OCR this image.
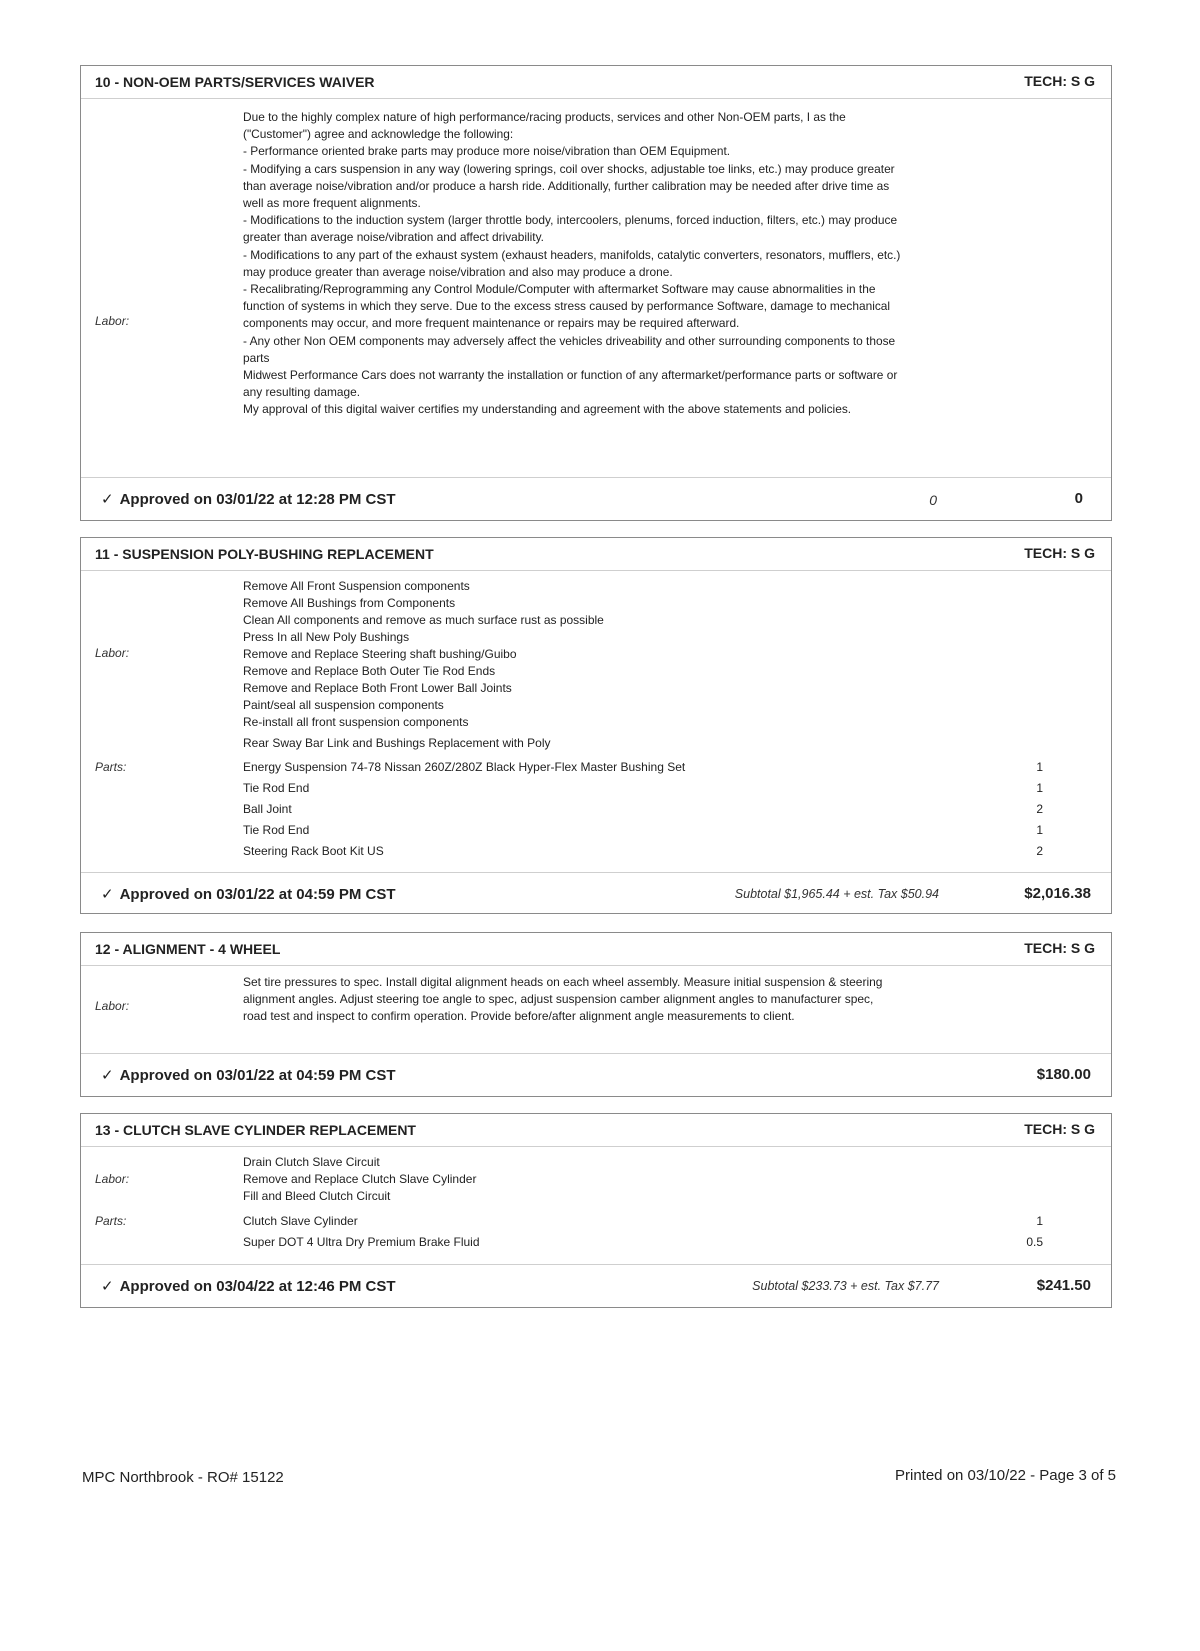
10 - NON-OEM PARTS/SERVICES WAIVER	TECH: S G
Labor:
Due to the highly complex nature of high performance/racing products, services and other Non-OEM parts, I as the ("Customer") agree and acknowledge the following:
- Performance oriented brake parts may produce more noise/vibration than OEM Equipment.
- Modifying a cars suspension in any way (lowering springs, coil over shocks, adjustable toe links, etc.) may produce greater than average noise/vibration and/or produce a harsh ride. Additionally, further calibration may be needed after drive time as well as more frequent alignments.
- Modifications to the induction system (larger throttle body, intercoolers, plenums, forced induction, filters, etc.) may produce greater than average noise/vibration and affect drivability.
- Modifications to any part of the exhaust system (exhaust headers, manifolds, catalytic converters, resonators, mufflers, etc.) may produce greater than average noise/vibration and also may produce a drone.
- Recalibrating/Reprogramming any Control Module/Computer with aftermarket Software may cause abnormalities in the function of systems in which they serve. Due to the excess stress caused by performance Software, damage to mechanical components may occur, and more frequent maintenance or repairs may be required afterward.
- Any other Non OEM components may adversely affect the vehicles driveability and other surrounding components to those parts
Midwest Performance Cars does not warranty the installation or function of any aftermarket/performance parts or software or any resulting damage.
My approval of this digital waiver certifies my understanding and agreement with the above statements and policies.
✓ Approved on 03/01/22 at 12:28 PM CST	0	0
11 - SUSPENSION POLY-BUSHING REPLACEMENT	TECH: S G
Labor:
Remove All Front Suspension components
Remove All Bushings from Components
Clean All components and remove as much surface rust as possible
Press In all New Poly Bushings
Remove and Replace Steering shaft bushing/Guibo
Remove and Replace Both Outer Tie Rod Ends
Remove and Replace Both Front Lower Ball Joints
Paint/seal all suspension components
Re-install all front suspension components
Rear Sway Bar Link and Bushings Replacement with Poly
Parts:	Energy Suspension 74-78 Nissan 260Z/280Z Black Hyper-Flex Master Bushing Set	1
Tie Rod End	1
Ball Joint	2
Tie Rod End	1
Steering Rack Boot Kit US	2
✓ Approved on 03/01/22 at 04:59 PM CST	Subtotal $1,965.44 + est. Tax $50.94	$2,016.38
12 - ALIGNMENT - 4 WHEEL	TECH: S G
Labor:
Set tire pressures to spec. Install digital alignment heads on each wheel assembly. Measure initial suspension & steering alignment angles. Adjust steering toe angle to spec, adjust suspension camber alignment angles to manufacturer spec, road test and inspect to confirm operation. Provide before/after alignment angle measurements to client.
✓ Approved on 03/01/22 at 04:59 PM CST	$180.00
13 - CLUTCH SLAVE CYLINDER REPLACEMENT	TECH: S G
Labor:
Drain Clutch Slave Circuit
Remove and Replace Clutch Slave Cylinder
Fill and Bleed Clutch Circuit
Parts:	Clutch Slave Cylinder	1
Super DOT 4 Ultra Dry Premium Brake Fluid	0.5
✓ Approved on 03/04/22 at 12:46 PM CST	Subtotal $233.73 + est. Tax $7.77	$241.50
MPC Northbrook - RO# 15122	Printed on 03/10/22 - Page 3 of 5
